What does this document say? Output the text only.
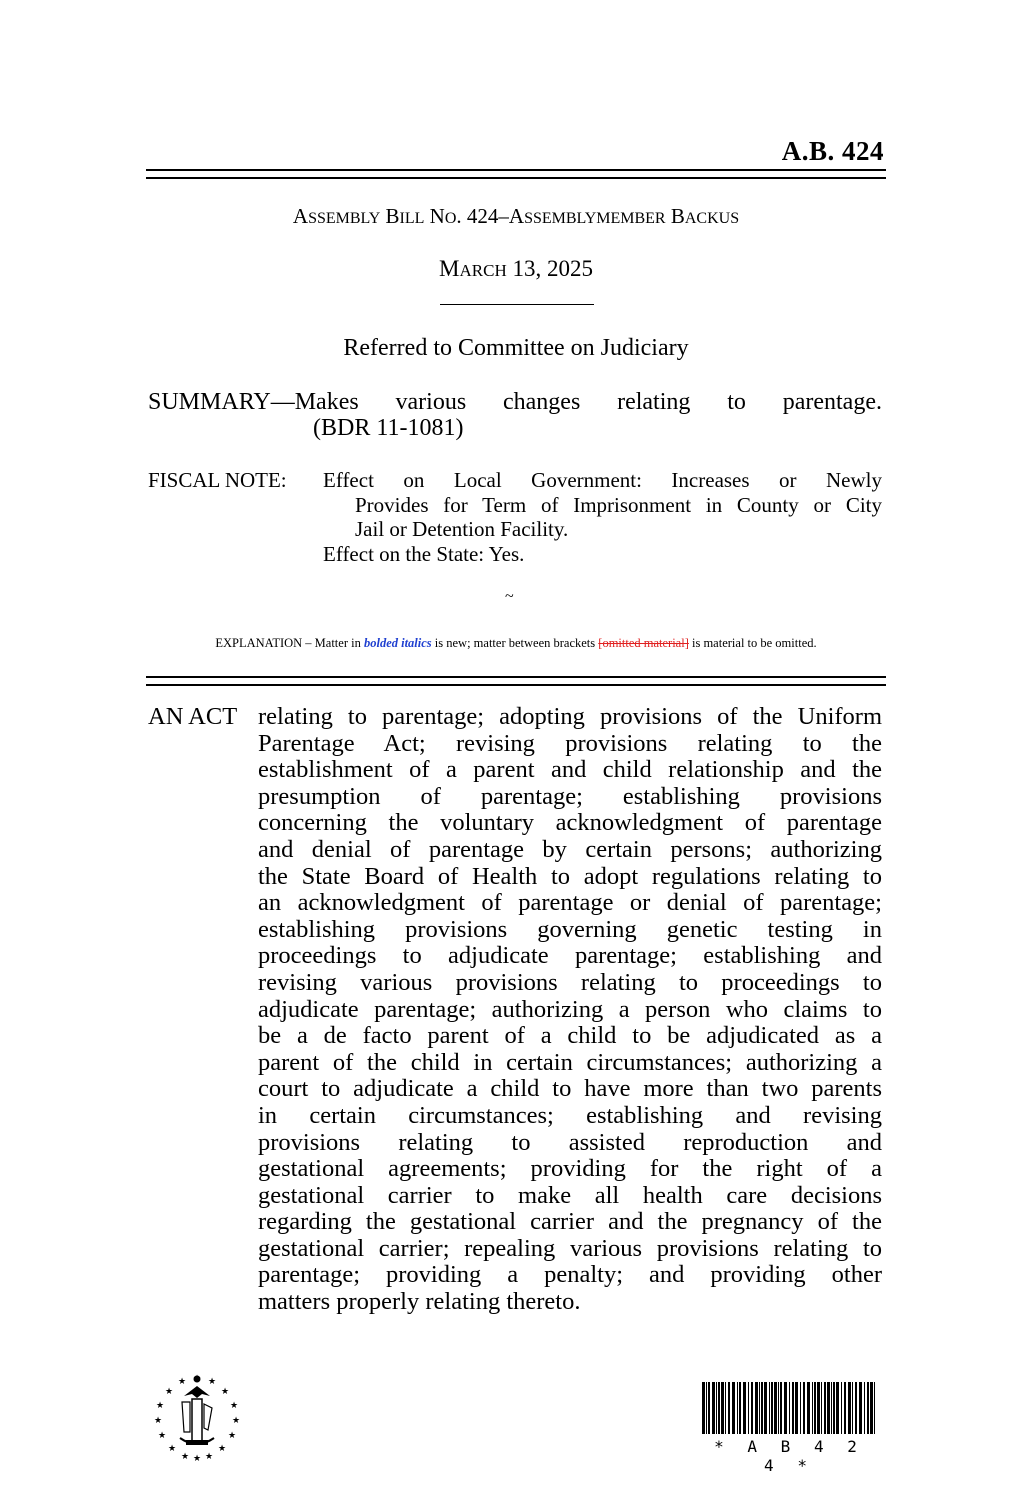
A.B. 424
ASSEMBLY BILL NO. 424–ASSEMBLYMEMBER BACKUS
MARCH 13, 2025
Referred to Committee on Judiciary
SUMMARY—Makes various changes relating to parentage.
(BDR 11-1081)
FISCAL NOTE: Effect on Local Government: Increases or Newly
Provides for Term of Imprisonment in County or City
Jail or Detention Facility.
Effect on the State: Yes.
~
EXPLANATION – Matter in bolded italics is new; matter between brackets [omitted material] is material to be omitted.
AN ACT relating to parentage; adopting provisions of the Uniform
Parentage Act; revising provisions relating to the
establishment of a parent and child relationship and the
presumption of parentage; establishing provisions
concerning the voluntary acknowledgment of parentage
and denial of parentage by certain persons; authorizing
the State Board of Health to adopt regulations relating to
an acknowledgment of parentage or denial of parentage;
establishing provisions governing genetic testing in
proceedings to adjudicate parentage; establishing and
revising various provisions relating to proceedings to
adjudicate parentage; authorizing a person who claims to
be a de facto parent of a child to be adjudicated as a
parent of the child in certain circumstances; authorizing a
court to adjudicate a child to have more than two parents
in certain circumstances; establishing and revising
provisions relating to assisted reproduction and
gestational agreements; providing for the right of a
gestational carrier to make all health care decisions
regarding the gestational carrier and the pregnancy of the
gestational carrier; repealing various provisions relating to
parentage; providing a penalty; and providing other
matters properly relating thereto.
★
★ ★
★	★
★	★
★	★
★	★
★	★
★ ★
★
* A B 4 2 4 *
